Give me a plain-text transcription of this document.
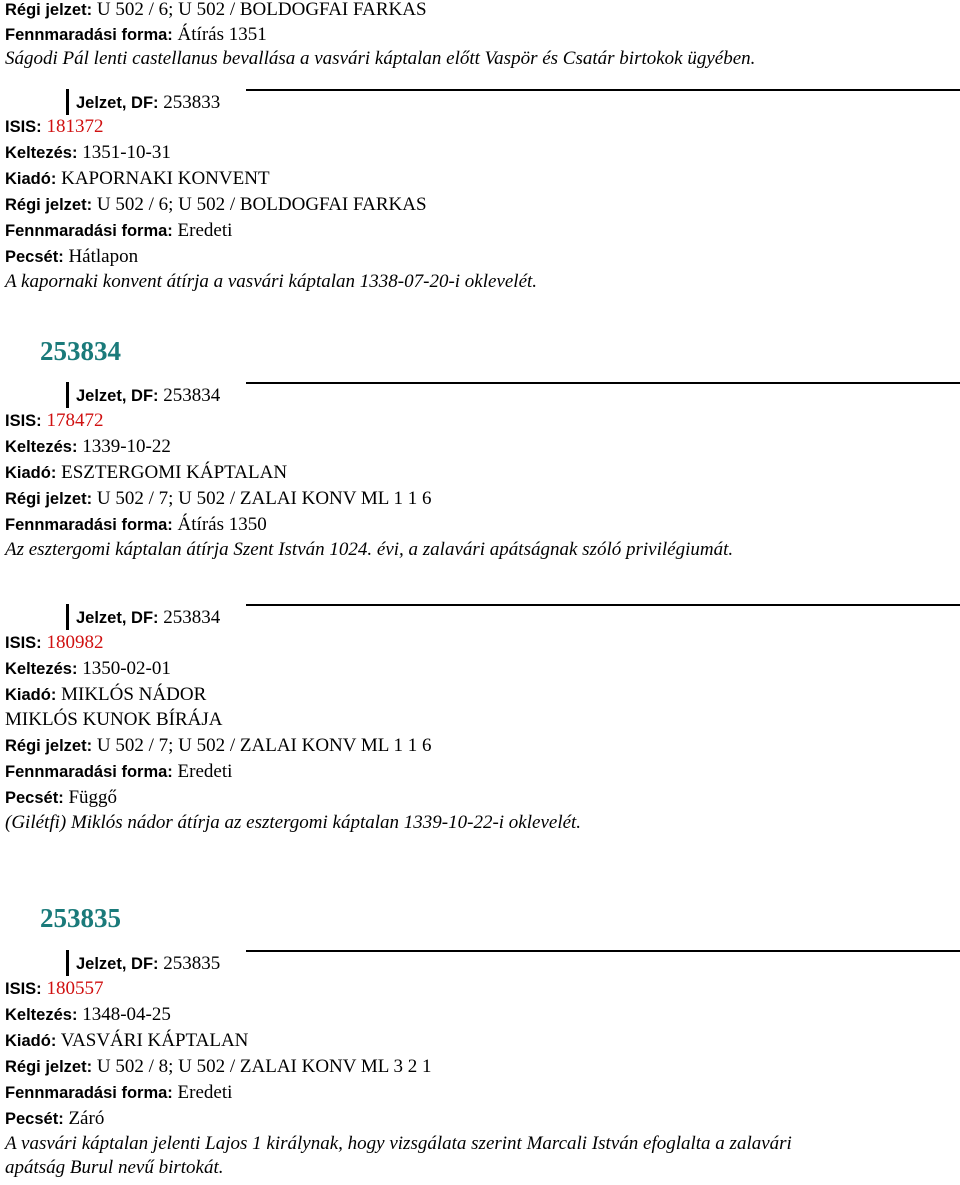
Régi jelzet: U 502 / 6; U 502 / BOLDOGFAI FARKAS
Fennmaradási forma: Átírás 1351
Ságodi Pál lenti castellanus bevallása a vasvári káptalan előtt Vaspör és Csatár birtokok ügyében.
Jelzet, DF: 253833
ISIS: 181372
Keltezés: 1351-10-31
Kiadó: KAPORNAKI KONVENT
Régi jelzet: U 502 / 6; U 502 / BOLDOGFAI FARKAS
Fennmaradási forma: Eredeti
Pecsét: Hátlapon
A kapornaki konvent átírja a vasvári káptalan 1338-07-20-i oklevelét.
253834
Jelzet, DF: 253834
ISIS: 178472
Keltezés: 1339-10-22
Kiadó: ESZTERGOMI KÁPTALAN
Régi jelzet: U 502 / 7; U 502 / ZALAI KONV ML 1 1 6
Fennmaradási forma: Átírás 1350
Az esztergomi káptalan átírja Szent István 1024. évi, a zalavári apátságnak szóló privilégiumát.
Jelzet, DF: 253834
ISIS: 180982
Keltezés: 1350-02-01
Kiadó: MIKLÓS NÁDOR
MIKLÓS KUNOK BÍRÁJA
Régi jelzet: U 502 / 7; U 502 / ZALAI KONV ML 1 1 6
Fennmaradási forma: Eredeti
Pecsét: Függő
(Gilétfi) Miklós nádor átírja az esztergomi káptalan 1339-10-22-i oklevelét.
253835
Jelzet, DF: 253835
ISIS: 180557
Keltezés: 1348-04-25
Kiadó: VASVÁRI KÁPTALAN
Régi jelzet: U 502 / 8; U 502 / ZALAI KONV ML 3 2 1
Fennmaradási forma: Eredeti
Pecsét: Záró
A vasvári káptalan jelenti Lajos 1 királynak, hogy vizsgálata szerint Marcali István efoglalta a zalavári
apátság Burul nevű birtokát.
